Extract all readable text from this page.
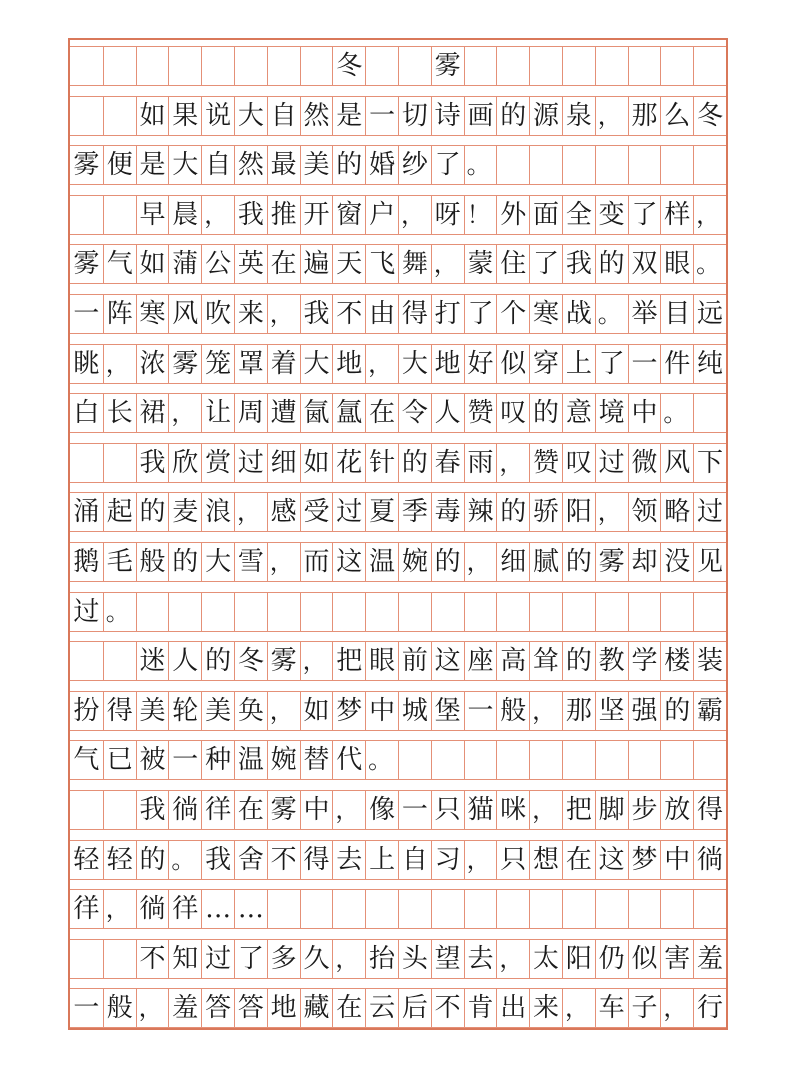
冬	雾
如 果 说 大 自 然 是 一 切 诗 画 的 源 泉 ， 那 么 冬
雾 便 是 大 自 然 最 美 的 婚 纱 了 。
早 晨 ， 我 推 开 窗 户 ， 呀 ！ 外 面 全 变 了 样 ，
雾 气 如 蒲 公 英 在 遍 天 飞 舞 ， 蒙 住 了 我 的 双 眼 。
一 阵 寒 风 吹 来 ， 我 不 由 得 打 了 个 寒 战 。 举 目 远
眺 ， 浓 雾 笼 罩 着 大 地 ， 大 地 好 似 穿 上 了 一 件 纯
白 长 裙 ， 让 周 遭 氤 氲 在 令 人 赞 叹 的 意 境 中 。
我 欣 赏 过 细 如 花 针 的 春 雨 ， 赞 叹 过 微 风 下
涌 起 的 麦 浪 ， 感 受 过 夏 季 毒 辣 的 骄 阳 ， 领 略 过
鹅 毛 般 的 大 雪 ， 而 这 温 婉 的 ， 细 腻 的 雾 却 没 见
过 。
迷 人 的 冬 雾 ， 把 眼 前 这 座 高 耸 的 教 学 楼 装
扮 得 美 轮 美 奂 ， 如 梦 中 城 堡 一 般 ， 那 坚 强 的 霸
气 已 被 一 种 温 婉 替 代 。
我 徜 徉 在 雾 中 ， 像 一 只 猫 咪 ， 把 脚 步 放 得
轻 轻 的 。 我 舍 不 得 去 上 自 习 ， 只 想 在 这 梦 中 徜
徉 ， 徜 徉 … …
不 知 过 了 多 久 ， 抬 头 望 去 ， 太 阳 仍 似 害 羞
一 般 ， 羞 答 答 地 藏 在 云 后 不 肯 出 来 ， 车 子 ， 行
